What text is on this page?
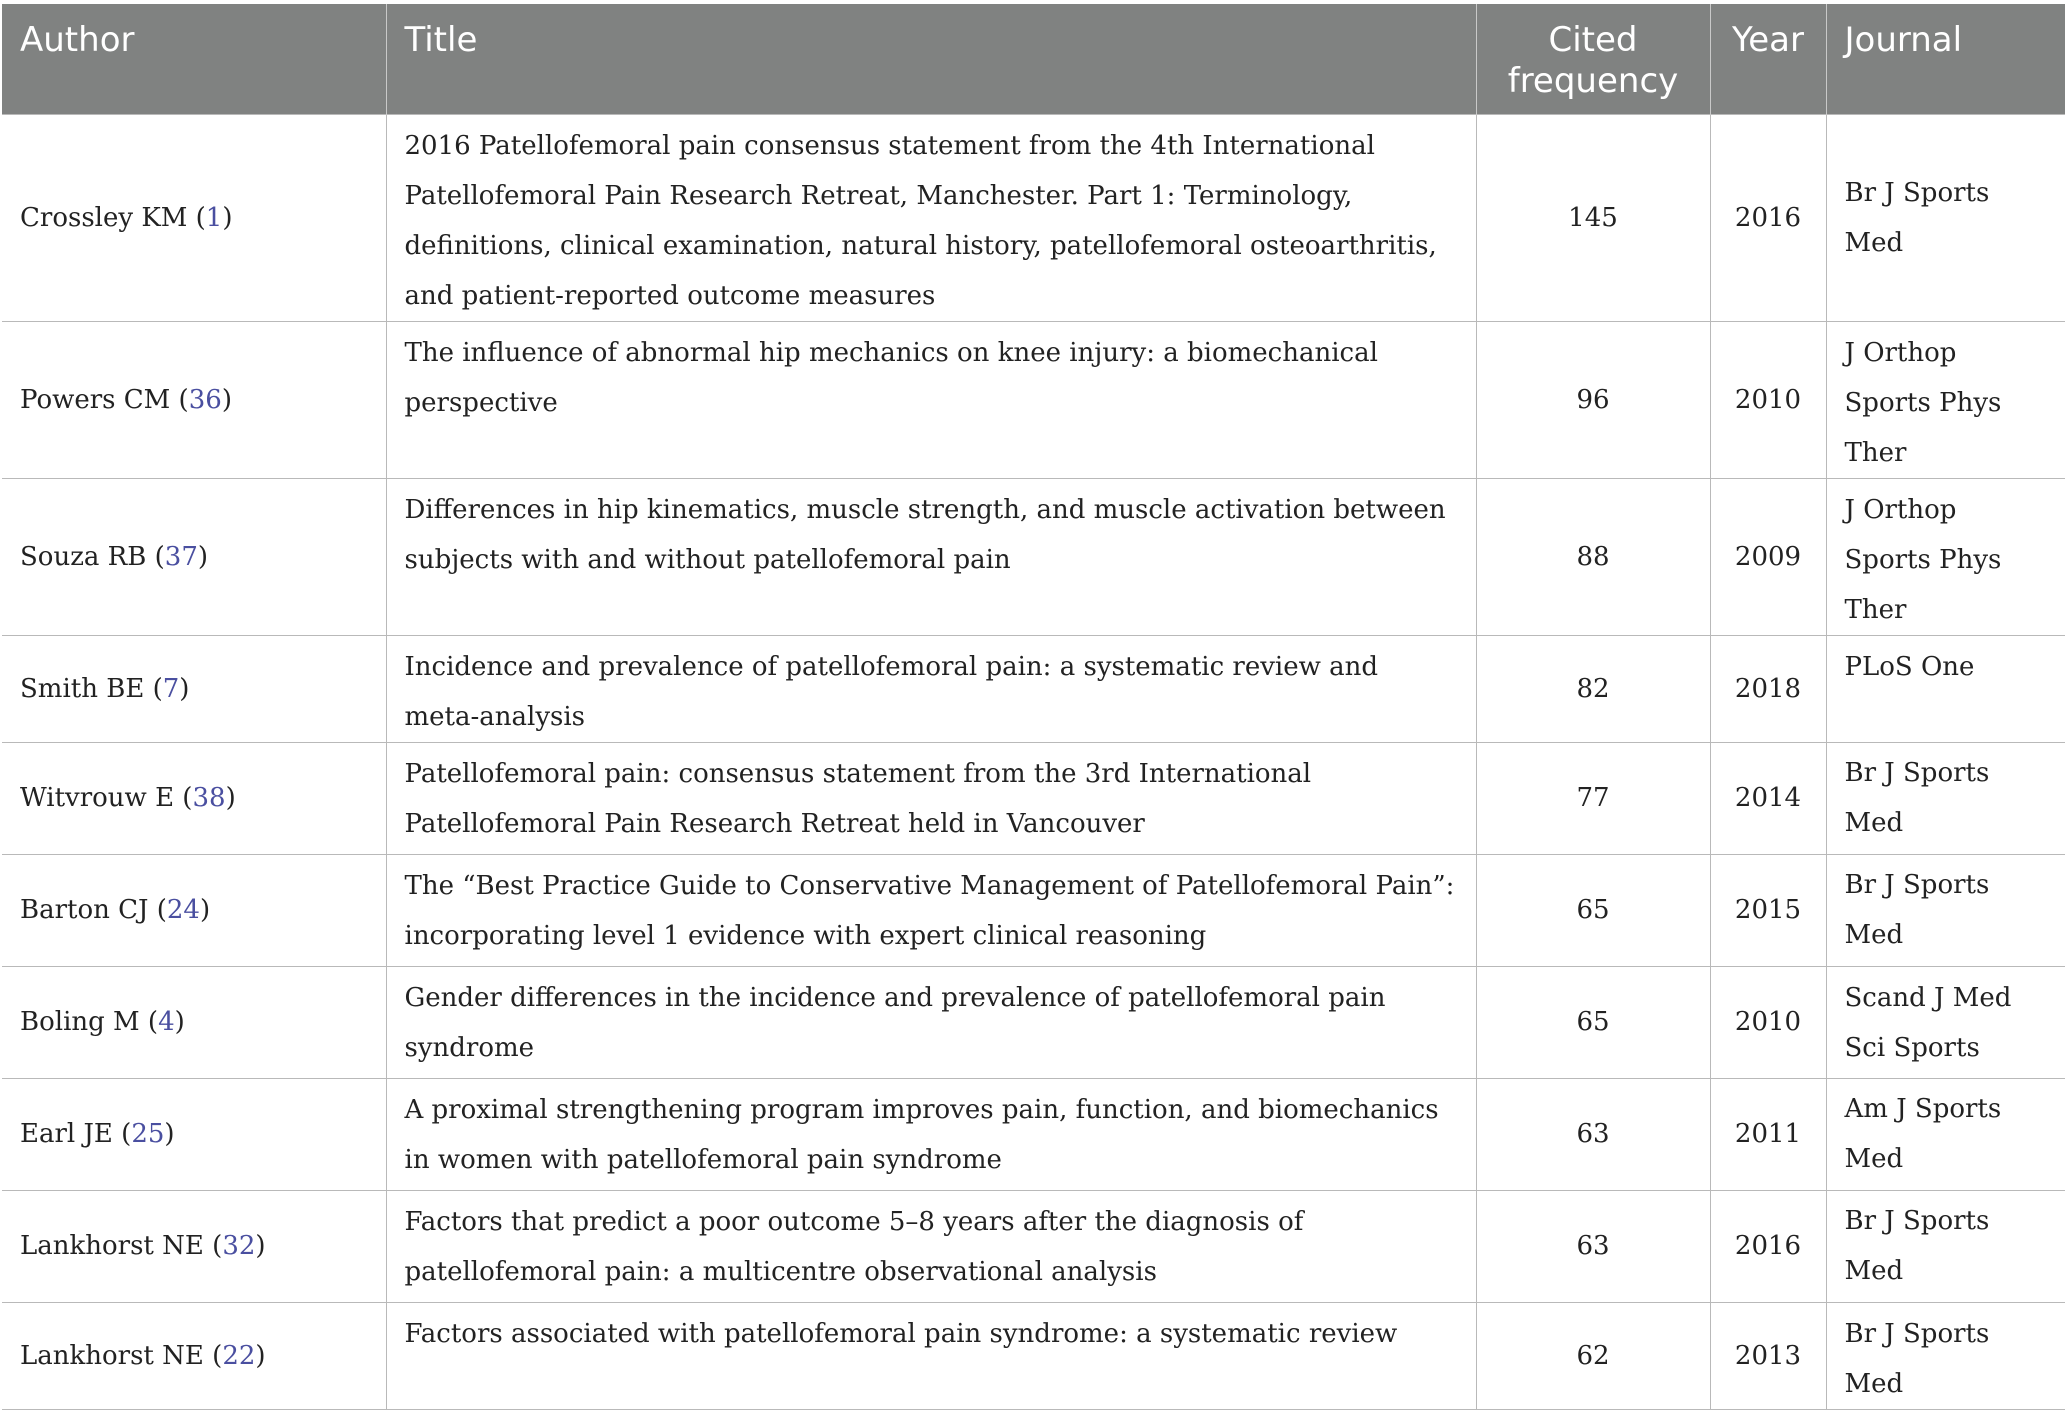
Author	Title	Cited frequency	Year	Journal
Crossley KM (1)	2016 Patellofemoral pain consensus statement from the 4th International Patellofemoral Pain Research Retreat, Manchester. Part 1: Terminology, definitions, clinical examination, natural history, patellofemoral osteoarthritis, and patient-reported outcome measures	145	2016	Br J Sports Med
Powers CM (36)	The influence of abnormal hip mechanics on knee injury: a biomechanical perspective	96	2010	J Orthop Sports Phys Ther
Souza RB (37)	Differences in hip kinematics, muscle strength, and muscle activation between subjects with and without patellofemoral pain	88	2009	J Orthop Sports Phys Ther
Smith BE (7)	Incidence and prevalence of patellofemoral pain: a systematic review and meta-analysis	82	2018	PLoS One
Witvrouw E (38)	Patellofemoral pain: consensus statement from the 3rd International Patellofemoral Pain Research Retreat held in Vancouver	77	2014	Br J Sports Med
Barton CJ (24)	The “Best Practice Guide to Conservative Management of Patellofemoral Pain”: incorporating level 1 evidence with expert clinical reasoning	65	2015	Br J Sports Med
Boling M (4)	Gender differences in the incidence and prevalence of patellofemoral pain syndrome	65	2010	Scand J Med Sci Sports
Earl JE (25)	A proximal strengthening program improves pain, function, and biomechanics in women with patellofemoral pain syndrome	63	2011	Am J Sports Med
Lankhorst NE (32)	Factors that predict a poor outcome 5–8 years after the diagnosis of patellofemoral pain: a multicentre observational analysis	63	2016	Br J Sports Med
Lankhorst NE (22)	Factors associated with patellofemoral pain syndrome: a systematic review	62	2013	Br J Sports Med
